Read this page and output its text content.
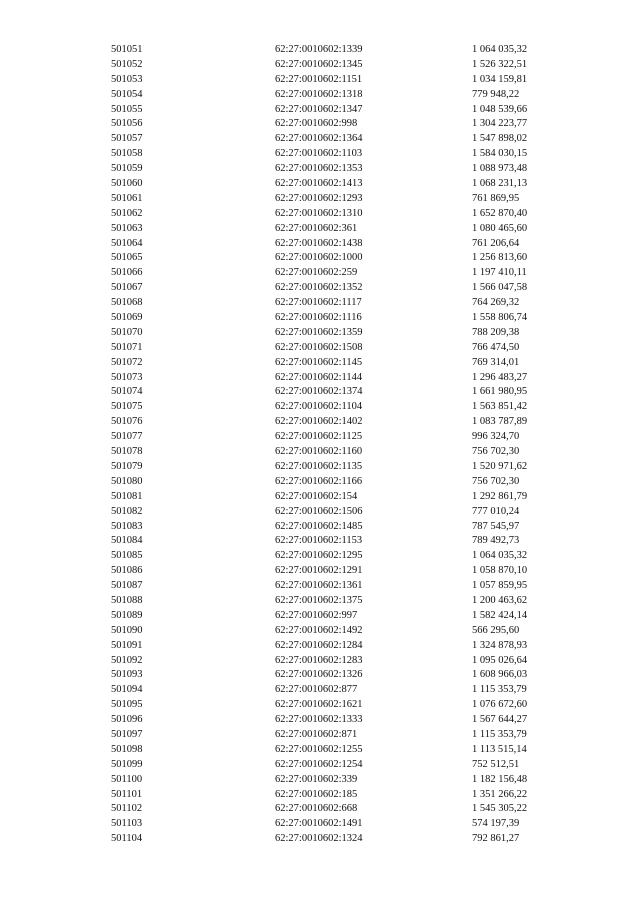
501051	62:27:0010602:1339	1 064 035,32
501052	62:27:0010602:1345	1 526 322,51
501053	62:27:0010602:1151	1 034 159,81
501054	62:27:0010602:1318	779 948,22
501055	62:27:0010602:1347	1 048 539,66
501056	62:27:0010602:998	1 304 223,77
501057	62:27:0010602:1364	1 547 898,02
501058	62:27:0010602:1103	1 584 030,15
501059	62:27:0010602:1353	1 088 973,48
501060	62:27:0010602:1413	1 068 231,13
501061	62:27:0010602:1293	761 869,95
501062	62:27:0010602:1310	1 652 870,40
501063	62:27:0010602:361	1 080 465,60
501064	62:27:0010602:1438	761 206,64
501065	62:27:0010602:1000	1 256 813,60
501066	62:27:0010602:259	1 197 410,11
501067	62:27:0010602:1352	1 566 047,58
501068	62:27:0010602:1117	764 269,32
501069	62:27:0010602:1116	1 558 806,74
501070	62:27:0010602:1359	788 209,38
501071	62:27:0010602:1508	766 474,50
501072	62:27:0010602:1145	769 314,01
501073	62:27:0010602:1144	1 296 483,27
501074	62:27:0010602:1374	1 661 980,95
501075	62:27:0010602:1104	1 563 851,42
501076	62:27:0010602:1402	1 083 787,89
501077	62:27:0010602:1125	996 324,70
501078	62:27:0010602:1160	756 702,30
501079	62:27:0010602:1135	1 520 971,62
501080	62:27:0010602:1166	756 702,30
501081	62:27:0010602:154	1 292 861,79
501082	62:27:0010602:1506	777 010,24
501083	62:27:0010602:1485	787 545,97
501084	62:27:0010602:1153	789 492,73
501085	62:27:0010602:1295	1 064 035,32
501086	62:27:0010602:1291	1 058 870,10
501087	62:27:0010602:1361	1 057 859,95
501088	62:27:0010602:1375	1 200 463,62
501089	62:27:0010602:997	1 582 424,14
501090	62:27:0010602:1492	566 295,60
501091	62:27:0010602:1284	1 324 878,93
501092	62:27:0010602:1283	1 095 026,64
501093	62:27:0010602:1326	1 608 966,03
501094	62:27:0010602:877	1 115 353,79
501095	62:27:0010602:1621	1 076 672,60
501096	62:27:0010602:1333	1 567 644,27
501097	62:27:0010602:871	1 115 353,79
501098	62:27:0010602:1255	1 113 515,14
501099	62:27:0010602:1254	752 512,51
501100	62:27:0010602:339	1 182 156,48
501101	62:27:0010602:185	1 351 266,22
501102	62:27:0010602:668	1 545 305,22
501103	62:27:0010602:1491	574 197,39
501104	62:27:0010602:1324	792 861,27
